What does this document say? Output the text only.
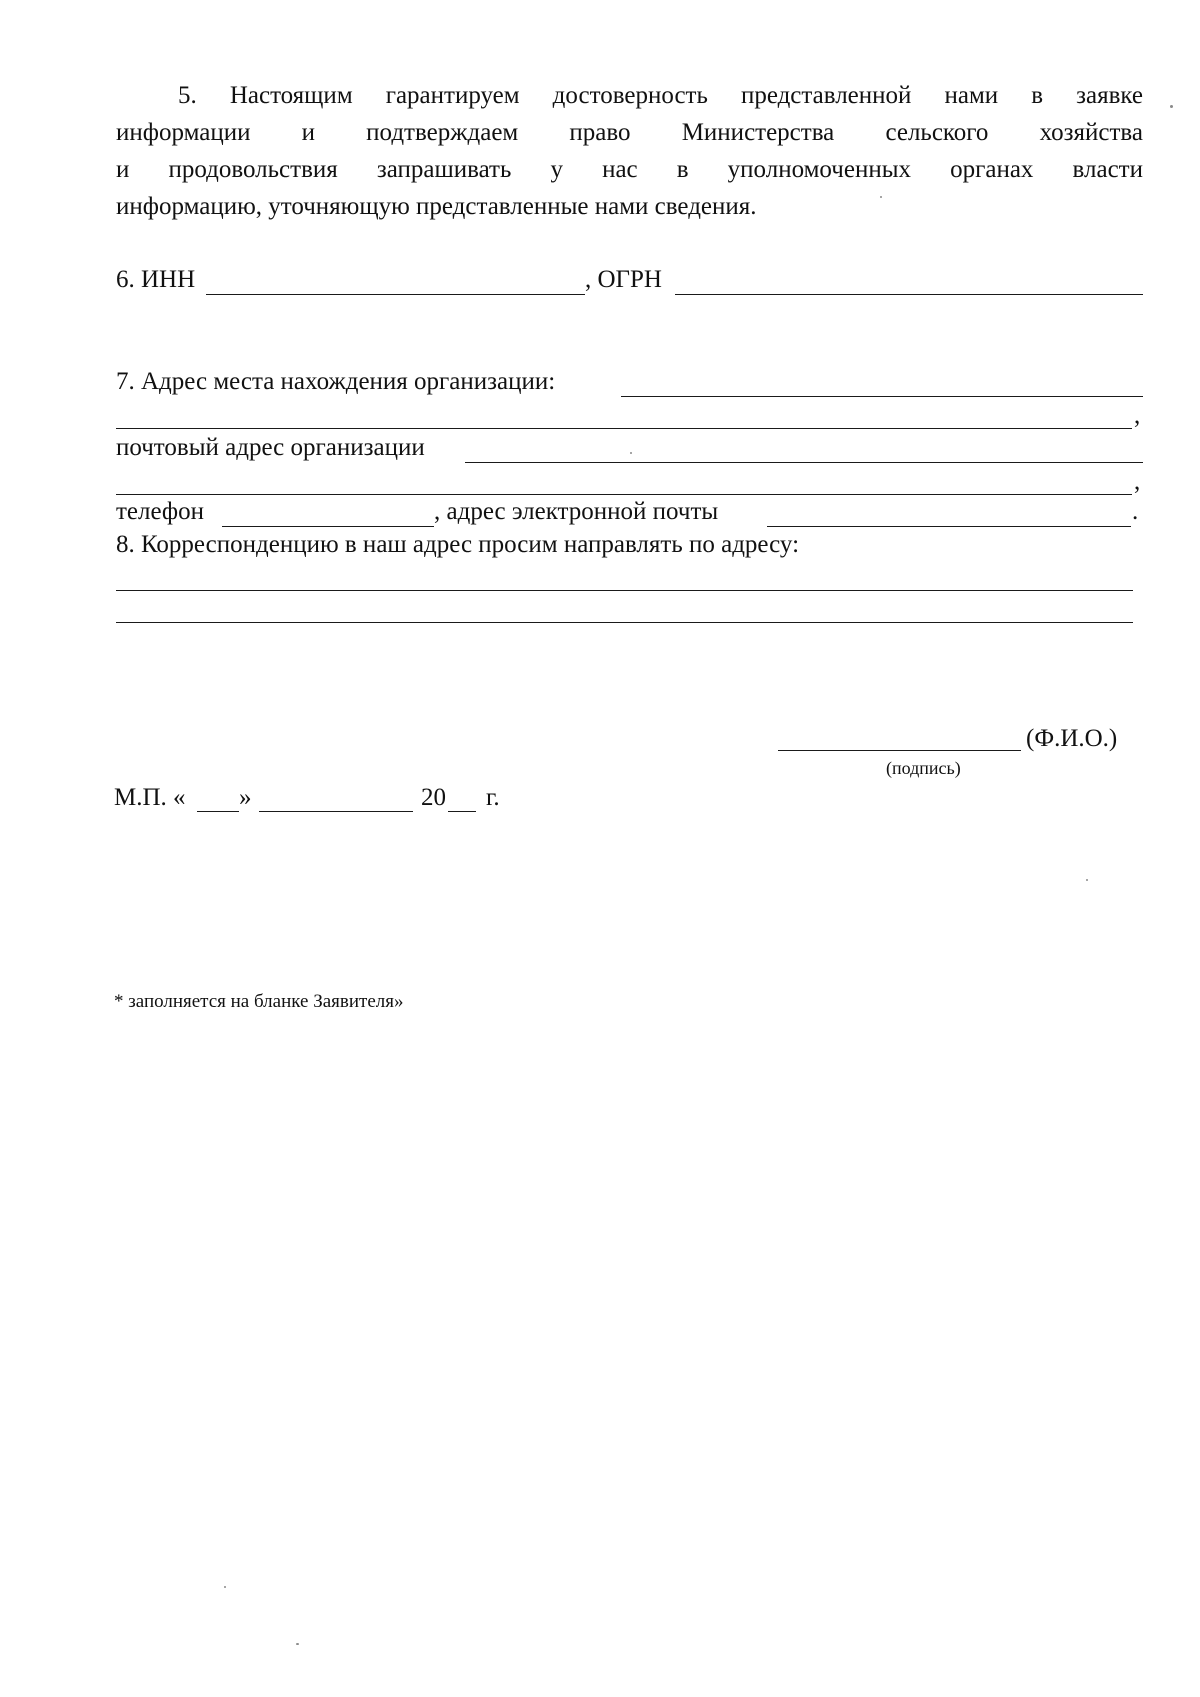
5. Настоящим гарантируем достоверность представленной нами в заявке
информации и подтверждаем право Министерства сельского хозяйства
и продовольствия запрашивать у нас в уполномоченных органах власти
информацию, уточняющую представленные нами сведения.
6. ИНН	, ОГРН
7. Адрес места нахождения организации:
,
почтовый адрес организации
,
телефон	, адрес электронной почты	.
8. Корреспонденцию в наш адрес просим направлять по адресу:
(Ф.И.О.)
(подпись)
М.П. « »	20 г.
* заполняется на бланке Заявителя»
